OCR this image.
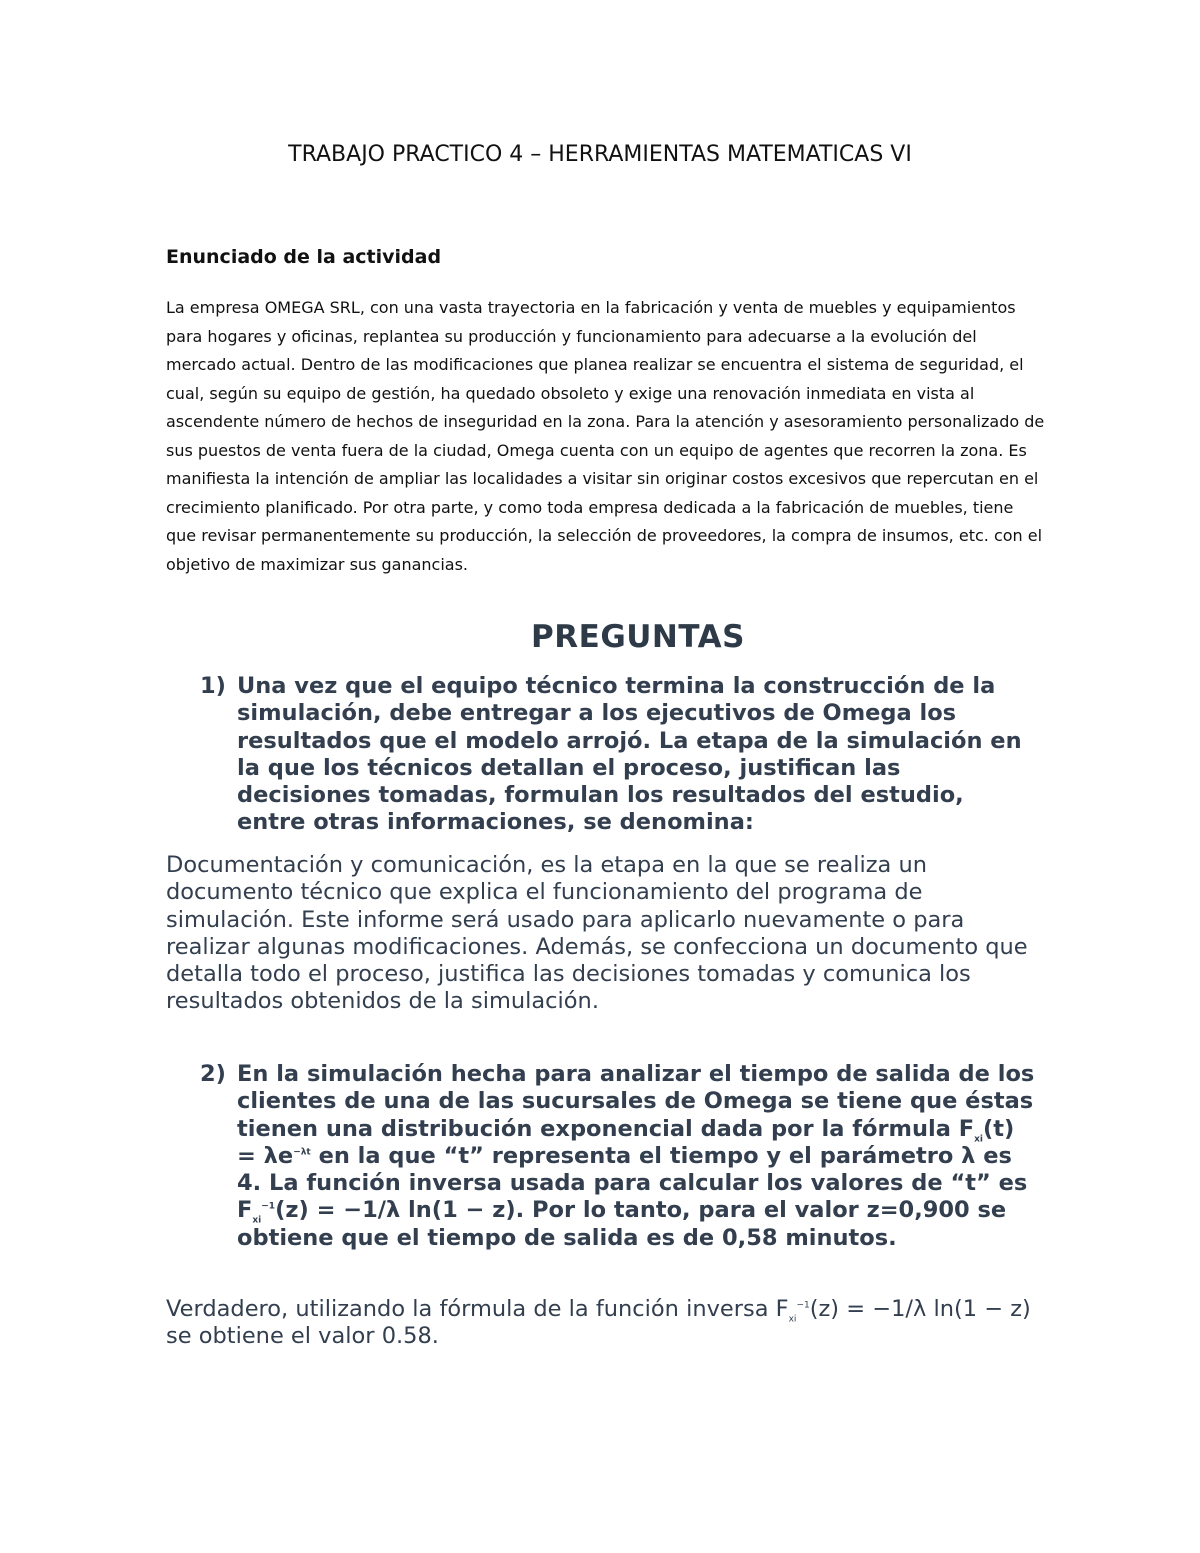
TRABAJO PRACTICO 4 – HERRAMIENTAS MATEMATICAS VI
Enunciado de la actividad

La empresa OMEGA SRL, con una vasta trayectoria en la fabricación y venta de muebles y equipamientos para hogares y oficinas, replantea su producción y funcionamiento para adecuarse a la evolución del mercado actual. Dentro de las modificaciones que planea realizar se encuentra el sistema de seguridad, el cual, según su equipo de gestión, ha quedado obsoleto y exige una renovación inmediata en vista al ascendente número de hechos de inseguridad en la zona. Para la atención y asesoramiento personalizado de sus puestos de venta fuera de la ciudad, Omega cuenta con un equipo de agentes que recorren la zona. Es manifiesta la intención de ampliar las localidades a visitar sin originar costos excesivos que repercutan en el crecimiento planificado. Por otra parte, y como toda empresa dedicada a la fabricación de muebles, tiene que revisar permanentemente su producción, la selección de proveedores, la compra de insumos, etc. con el objetivo de maximizar sus ganancias.

PREGUNTAS
1) Una vez que el equipo técnico termina la construcción de la simulación, debe entregar a los ejecutivos de Omega los resultados que el modelo arrojó. La etapa de la simulación en la que los técnicos detallan el proceso, justifican las decisiones tomadas, formulan los resultados del estudio, entre otras informaciones, se denomina:

Documentación y comunicación, es la etapa en la que se realiza un documento técnico que explica el funcionamiento del programa de simulación. Este informe será usado para aplicarlo nuevamente o para realizar algunas modificaciones. Además, se confecciona un documento que detalla todo el proceso, justifica las decisiones tomadas y comunica los resultados obtenidos de la simulación.

2) En la simulación hecha para analizar el tiempo de salida de los clientes de una de las sucursales de Omega se tiene que éstas tienen una distribución exponencial dada por la fórmula $F_{xi}(t) = \lambda e^{-\lambda t}$ en la que “t” representa el tiempo y el parámetro λ es 4. La función inversa usada para calcular los valores de “t” es $F_{xi}^{-1}(z) = -1/\lambda$ ln(1 − z). Por lo tanto, para el valor z=0,900 se obtiene que el tiempo de salida es de 0,58 minutos.

Verdadero, utilizando la fórmula de la función inversa $F_{xi}^{-1}(z) = -1/\lambda$ ln(1 − z) se obtiene el valor 0.58.
